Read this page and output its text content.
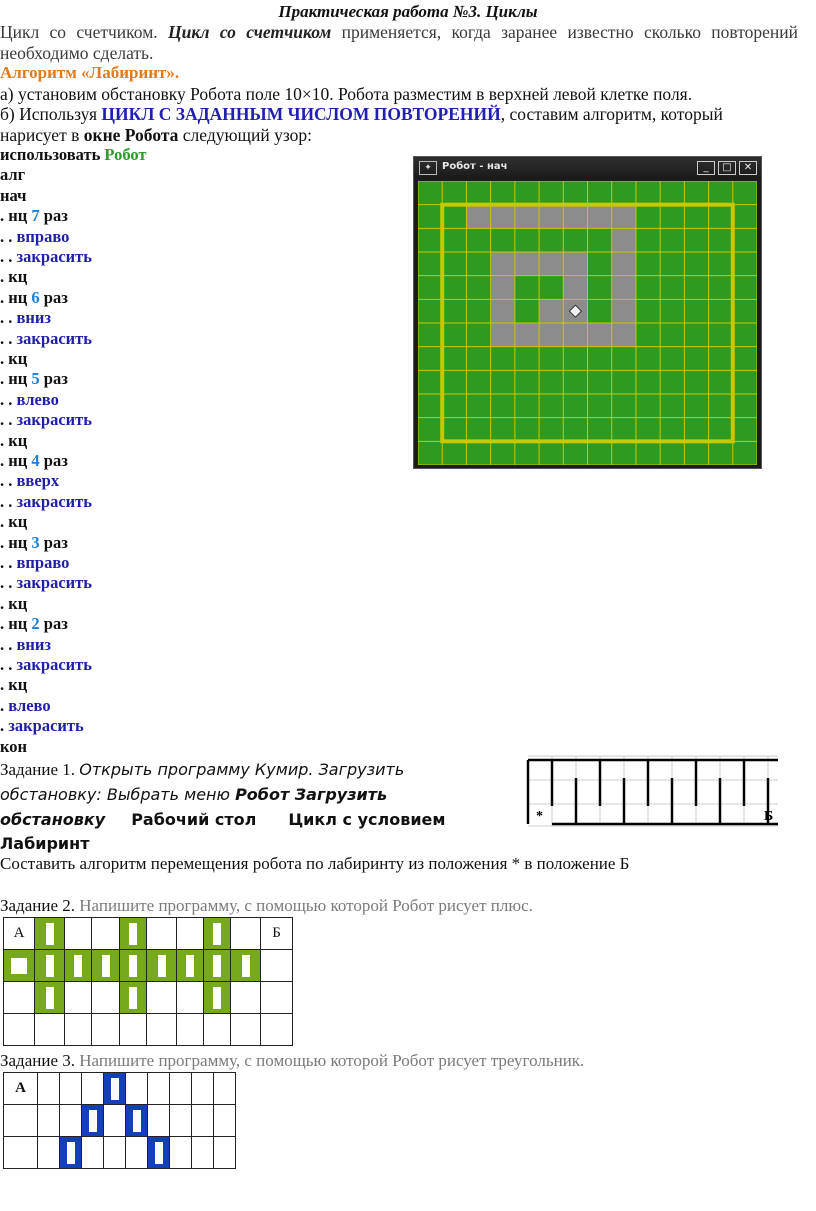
Практическая работа №3. Циклы
Цикл со счетчиком. Цикл со счетчиком применяется, когда заранее известно сколько повторений необходимо сделать.
Алгоритм «Лабиринт».
а) установим обстановку Робота поле 10×10. Робота разместим в верхней левой клетке поля.
б) Используя ЦИКЛ С ЗАДАННЫМ ЧИСЛОМ ПОВТОРЕНИЙ, составим алгоритм, который
нарисует в окне Робота следующий узор:
использовать Робот
алг
нач
. нц 7 раз
. . вправо
. . закрасить
. кц
. нц 6 раз
. . вниз
. . закрасить
. кц
. нц 5 раз
. . влево
. . закрасить
. кц
. нц 4 раз
. . вверх
. . закрасить
. кц
. нц 3 раз
. . вправо
. . закрасить
. кц
. нц 2 раз
. . вниз
. . закрасить
. кц
. влево
. закрасить
кон
✦	Робот - нач	_	□	✕
Задание 1. Открыть программу Кумир. Загрузить
обстановку: Выбрать меню Робот Загрузить
обстановку Рабочий стол Цикл с условием
Лабиринт
Составить алгоритм перемещения робота по лабиринту из положения * в положение Б
*	Б
Задание 2. Напишите программу, с помощью которой Робот рисует плюс.
А									Б

Задание 3. Напишите программу, с помощью которой Робот рисует треугольник.
А				
